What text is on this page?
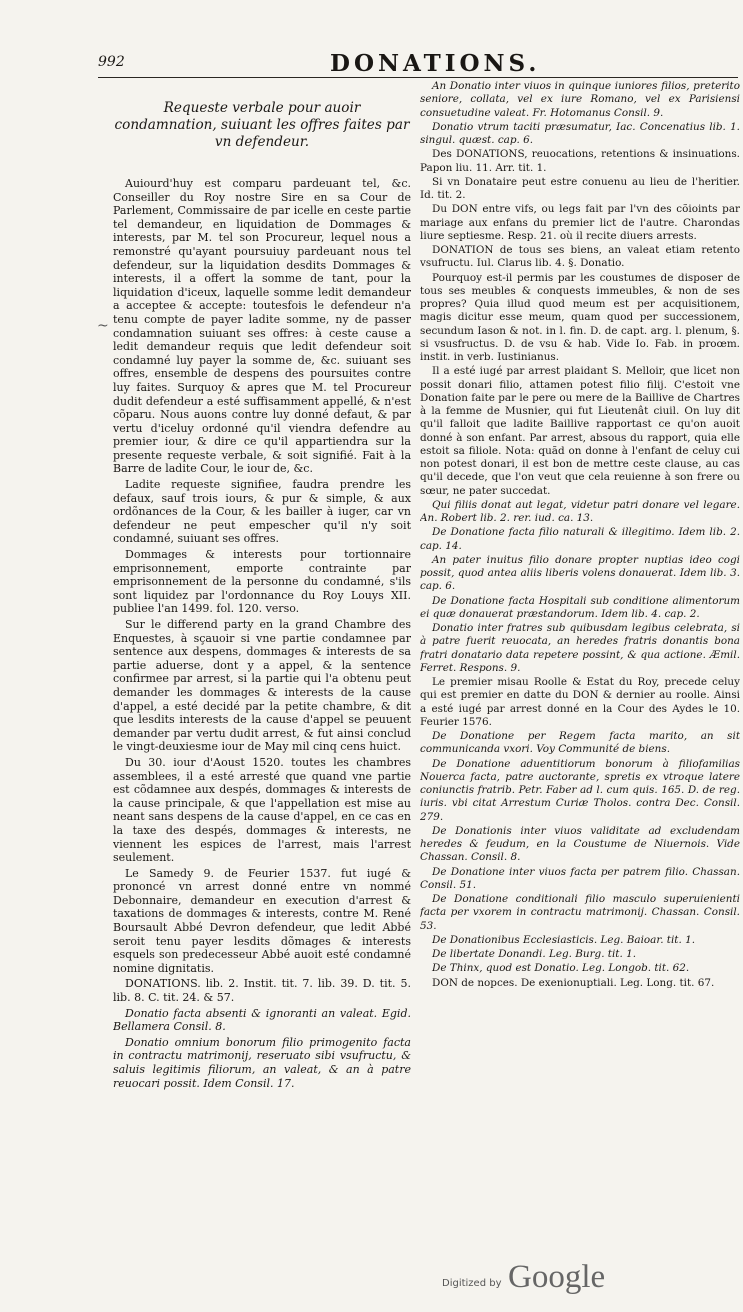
992	DONATIONS.
~
Requeste verbale pour auoir condamnation, suiuant les offres faites par vn defendeur.

Auiourd'huy est comparu pardeuant tel, &c. Conseiller du Roy nostre Sire en sa Cour de Parlement, Commissaire de par icelle en ceste partie tel demandeur, en liquidation de Dommages & interests, par M. tel son Procureur, lequel nous a remonstré qu'ayant poursuiuy pardeuant nous tel defendeur, sur la liquidation desdits Dommages & interests, il a offert la somme de tant, pour la liquidation d'iceux, laquelle somme ledit demandeur a acceptee & accepte: toutesfois le defendeur n'a tenu compte de payer ladite somme, ny de passer condamnation suiuant ses offres: à ceste cause a ledit demandeur requis que ledit defendeur soit condamné luy payer la somme de, &c. suiuant ses offres, ensemble de despens des poursuites contre luy faites. Surquoy & apres que M. tel Procureur dudit defendeur a esté suffisamment appellé, & n'est cõparu. Nous auons contre luy donné defaut, & par vertu d'iceluy ordonné qu'il viendra defendre au premier iour, & dire ce qu'il appartiendra sur la presente requeste verbale, & soit signifié. Fait à la Barre de ladite Cour, le iour de, &c.

Ladite requeste signifiee, faudra prendre les defaux, sauf trois iours, & pur & simple, & aux ordõnances de la Cour, & les bailler à iuger, car vn defendeur ne peut empescher qu'il n'y soit condamné, suiuant ses offres.

Dommages & interests pour tortionnaire emprisonnement, emporte contrainte par emprisonnement de la personne du condamné, s'ils sont liquidez par l'ordonnance du Roy Louys XII. publiee l'an 1499. fol. 120. verso.

Sur le differend party en la grand Chambre des Enquestes, à sçauoir si vne partie condamnee par sentence aux despens, dommages & interests de sa partie aduerse, dont y a appel, & la sentence confirmee par arrest, si la partie qui l'a obtenu peut demander les dommages & interests de la cause d'appel, a esté decidé par la petite chambre, & dit que lesdits interests de la cause d'appel se peuuent demander par vertu dudit arrest, & fut ainsi conclud le vingt-deuxiesme iour de May mil cinq cens huict.

Du 30. iour d'Aoust 1520. toutes les chambres assemblees, il a esté arresté que quand vne partie est cõdamnee aux despés, dommages & interests de la cause principale, & que l'appellation est mise au neant sans despens de la cause d'appel, en ce cas en la taxe des despés, dommages & interests, ne viennent les espices de l'arrest, mais l'arrest seulement.

Le Samedy 9. de Feurier 1537. fut iugé & prononcé vn arrest donné entre vn nommé Debonnaire, demandeur en execution d'arrest & taxations de dommages & interests, contre M. René Boursault Abbé Devron defendeur, que ledit Abbé seroit tenu payer lesdits dõmages & interests esquels son predecesseur Abbé auoit esté condamné nomine dignitatis.

DONATIONS. lib. 2. Instit. tit. 7. lib. 39. D. tit. 5. lib. 8. C. tit. 24. & 57.

Donatio facta absenti & ignoranti an valeat. Egid. Bellamera Consil. 8.

Donatio omnium bonorum filio primogenito facta in contractu matrimonij, reseruato sibi vsufructu, & saluis legitimis filiorum, an valeat, & an à patre reuocari possit. Idem Consil. 17.

An Donatio inter viuos in quinque iuniores filios, preterito seniore, collata, vel ex iure Romano, vel ex Parisiensi consuetudine valeat. Fr. Hotomanus Consil. 9.

Donatio vtrum taciti præsumatur, Iac. Concenatius lib. 1. singul. quæst. cap. 6.

Des DONATIONS, reuocations, retentions & insinuations. Papon liu. 11. Arr. tit. 1.

Si vn Donataire peut estre conuenu au lieu de l'heritier. Id. tit. 2.

Du DON entre vifs, ou legs fait par l'vn des cõioints par mariage aux enfans du premier lict de l'autre. Charondas liure septiesme. Resp. 21. où il recite diuers arrests.

DONATION de tous ses biens, an valeat etiam retento vsufructu. Iul. Clarus lib. 4. §. Donatio.

Pourquoy est-il permis par les coustumes de disposer de tous ses meubles & conquests immeubles, & non de ses propres? Quia illud quod meum est per acquisitionem, magis dicitur esse meum, quam quod per successionem, secundum Iason & not. in l. fin. D. de capt. arg. l. plenum, §. si vsusfructus. D. de vsu & hab. Vide Io. Fab. in proœm. instit. in verb. Iustinianus.

Il a esté iugé par arrest plaidant S. Melloir, que licet non possit donari filio, attamen potest filio filij. C'estoit vne Donation faite par le pere ou mere de la Baillive de Chartres à la femme de Musnier, qui fut Lieutenât ciuil. On luy dit qu'il falloit que ladite Baillive rapportast ce qu'on auoit donné à son enfant. Par arrest, absous du rapport, quia elle estoit sa filiole. Nota: quãd on donne à l'enfant de celuy cui non potest donari, il est bon de mettre ceste clause, au cas qu'il decede, que l'on veut que cela reuienne à son frere ou sœur, ne pater succedat.

Qui filiis donat aut legat, videtur patri donare vel legare. An. Robert lib. 2. rer. iud. ca. 13.

De Donatione facta filio naturali & illegitimo. Idem lib. 2. cap. 14.

An pater inuitus filio donare propter nuptias ideo cogi possit, quod antea aliis liberis volens donauerat. Idem lib. 3. cap. 6.

De Donatione facta Hospitali sub conditione alimentorum ei quæ donauerat præstandorum. Idem lib. 4. cap. 2.

Donatio inter fratres sub quibusdam legibus celebrata, si à patre fuerit reuocata, an heredes fratris donantis bona fratri donatario data repetere possint, & qua actione. Æmil. Ferret. Respons. 9.

Le premier misau Roolle & Estat du Roy, precede celuy qui est premier en datte du DON & dernier au roolle. Ainsi a esté iugé par arrest donné en la Cour des Aydes le 10. Feurier 1576.

De Donatione per Regem facta marito, an sit communicanda vxori. Voy Communité de biens.

De Donatione aduentitiorum bonorum à filiofamilias Nouerca facta, patre auctorante, spretis ex vtroque latere coniunctis fratrib. Petr. Faber ad l. cum quis. 165. D. de reg. iuris. vbi citat Arrestum Curiæ Tholos. contra Dec. Consil. 279.

De Donationis inter viuos validitate ad excludendam heredes & feudum, en la Coustume de Niuernois. Vide Chassan. Consil. 8.

De Donatione inter viuos facta per patrem filio. Chassan. Consil. 51.

De Donatione conditionali filio masculo superuienienti facta per vxorem in contractu matrimonij. Chassan. Consil. 53.

De Donationibus Ecclesiasticis. Leg. Baioar. tit. 1.

De libertate Donandi. Leg. Burg. tit. 1.

De Thinx, quod est Donatio. Leg. Longob. tit. 62.

DON de nopces. De exenionuptiali. Leg. Long. tit. 67.

Digitized by Google
